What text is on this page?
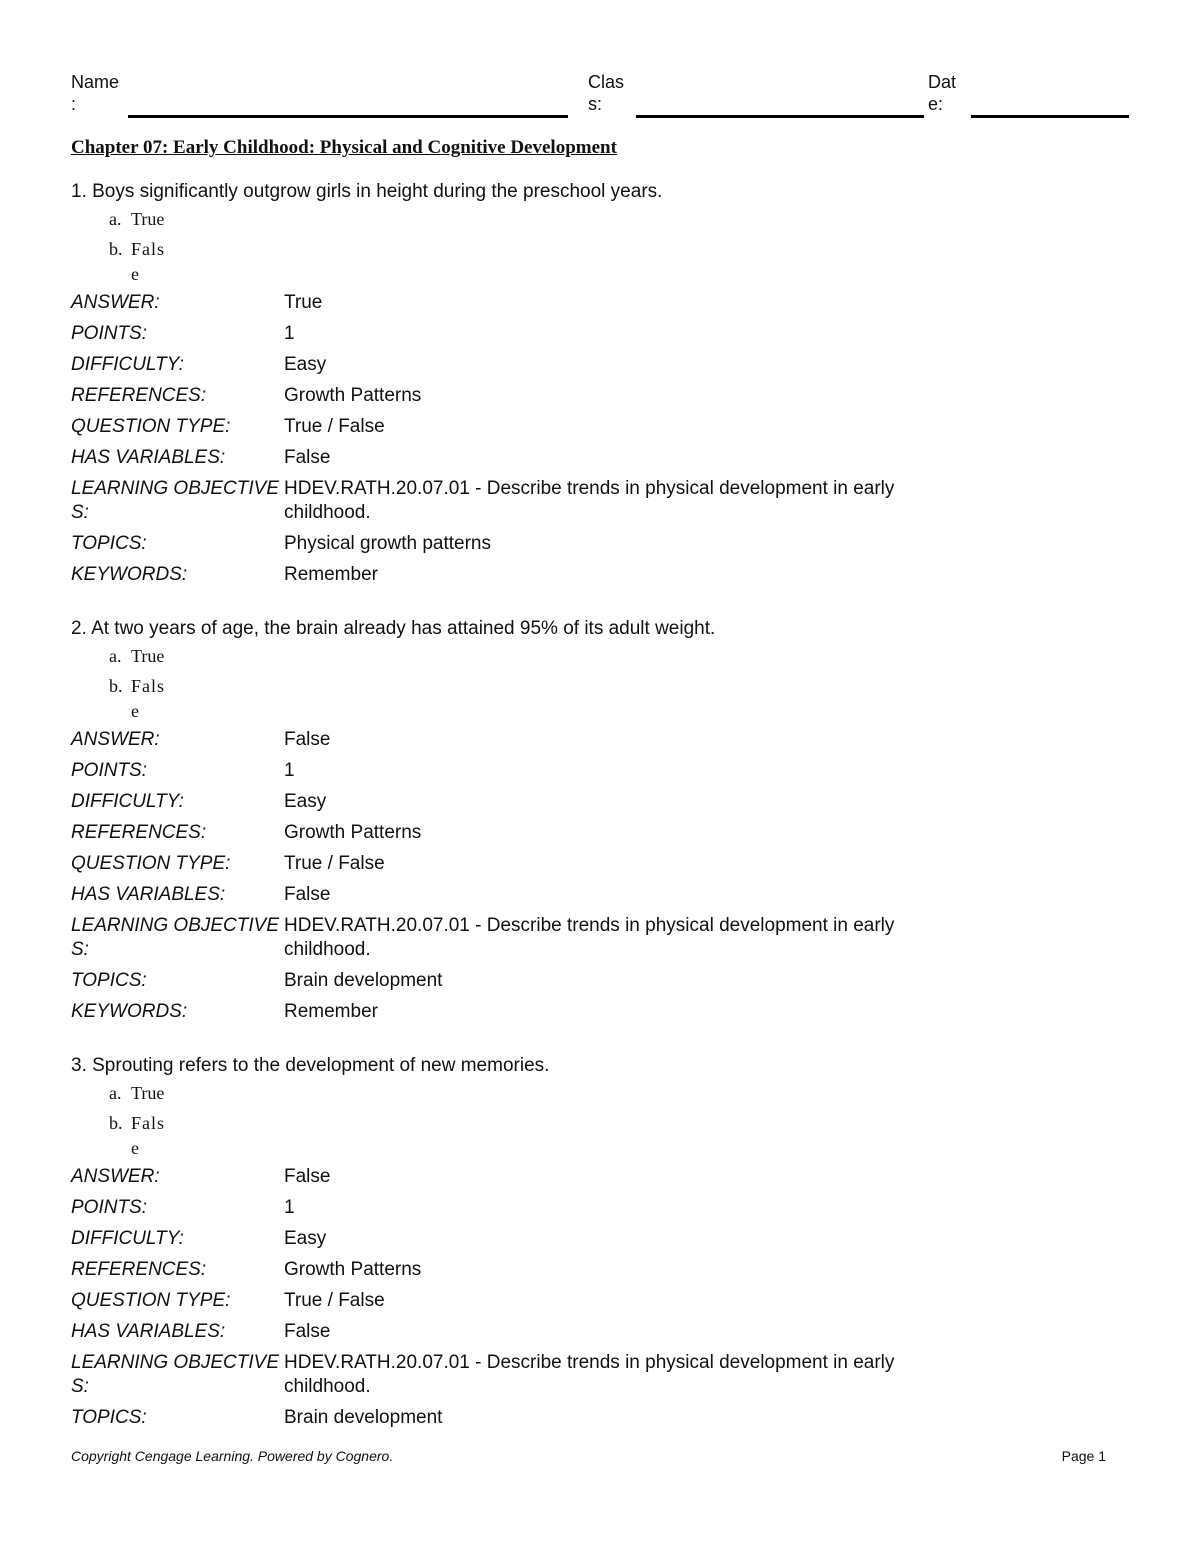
Name
:
Clas
s:
Dat
e:
Chapter 07: Early Childhood: Physical and Cognitive Development
1. Boys significantly outgrow girls in height during the preschool years.
a. True
b. False
ANSWER:	True
POINTS:	1
DIFFICULTY:	Easy
REFERENCES:	Growth Patterns
QUESTION TYPE:	True / False
HAS VARIABLES:	False
LEARNING OBJECTIVES:
HDEV.RATH.20.07.01 - Describe trends in physical development in early childhood.
TOPICS:	Physical growth patterns
KEYWORDS:	Remember
2. At two years of age, the brain already has attained 95% of its adult weight.
a. True
b. False
ANSWER:	False
POINTS:	1
DIFFICULTY:	Easy
REFERENCES:	Growth Patterns
QUESTION TYPE:	True / False
HAS VARIABLES:	False
LEARNING OBJECTIVES:
HDEV.RATH.20.07.01 - Describe trends in physical development in early childhood.
TOPICS:	Brain development
KEYWORDS:	Remember
3. Sprouting refers to the development of new memories.
a. True
b. False
ANSWER:	False
POINTS:	1
DIFFICULTY:	Easy
REFERENCES:	Growth Patterns
QUESTION TYPE:	True / False
HAS VARIABLES:	False
LEARNING OBJECTIVES:
HDEV.RATH.20.07.01 - Describe trends in physical development in early childhood.
TOPICS:	Brain development
Copyright Cengage Learning. Powered by Cognero.	Page 1
